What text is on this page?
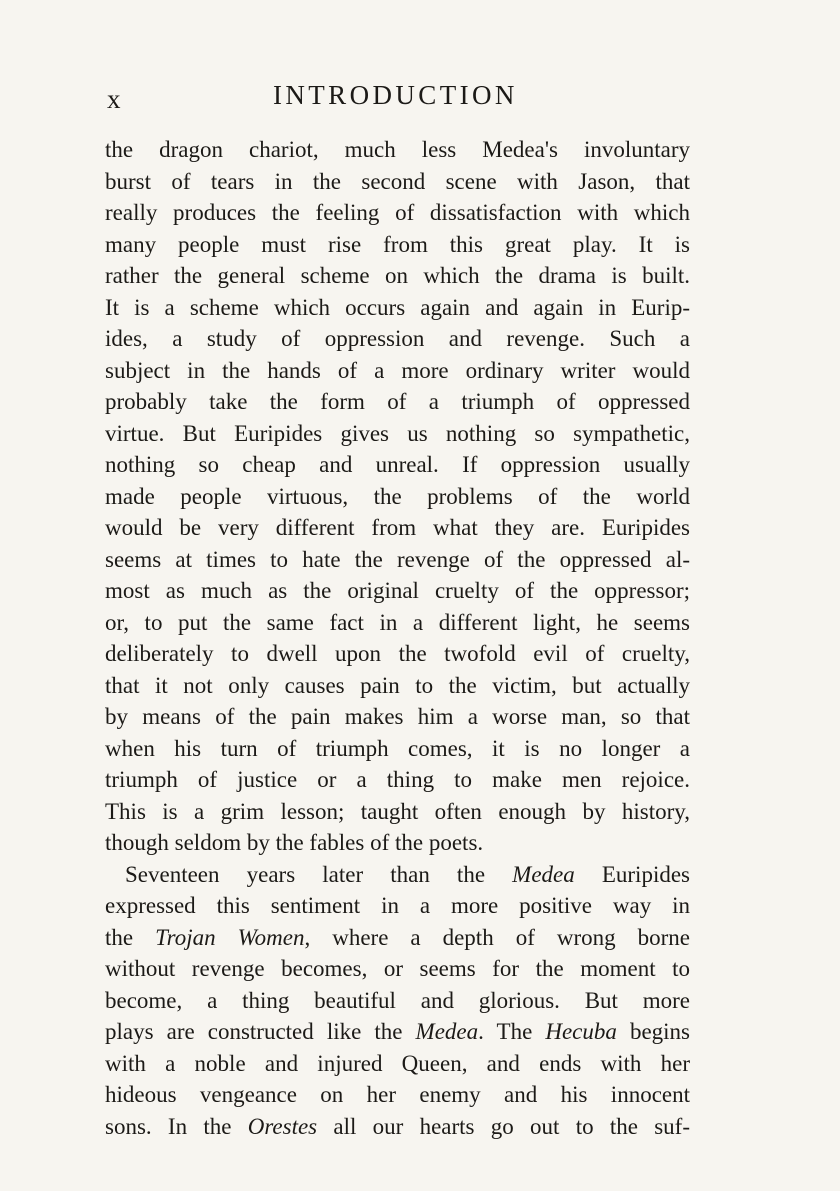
x	INTRODUCTION
the dragon chariot, much less Medea's involuntary
burst of tears in the second scene with Jason, that
really produces the feeling of dissatisfaction with which
many people must rise from this great play. It is
rather the general scheme on which the drama is built.
It is a scheme which occurs again and again in Eurip-
ides, a study of oppression and revenge. Such a
subject in the hands of a more ordinary writer would
probably take the form of a triumph of oppressed
virtue. But Euripides gives us nothing so sympathetic,
nothing so cheap and unreal. If oppression usually
made people virtuous, the problems of the world
would be very different from what they are. Euripides
seems at times to hate the revenge of the oppressed al-
most as much as the original cruelty of the oppressor;
or, to put the same fact in a different light, he seems
deliberately to dwell upon the twofold evil of cruelty,
that it not only causes pain to the victim, but actually
by means of the pain makes him a worse man, so that
when his turn of triumph comes, it is no longer a
triumph of justice or a thing to make men rejoice.
This is a grim lesson; taught often enough by history,
though seldom by the fables of the poets.
Seventeen years later than the Medea Euripides
expressed this sentiment in a more positive way in
the Trojan Women, where a depth of wrong borne
without revenge becomes, or seems for the moment to
become, a thing beautiful and glorious. But more
plays are constructed like the Medea. The Hecuba begins
with a noble and injured Queen, and ends with her
hideous vengeance on her enemy and his innocent
sons. In the Orestes all our hearts go out to the suf-
